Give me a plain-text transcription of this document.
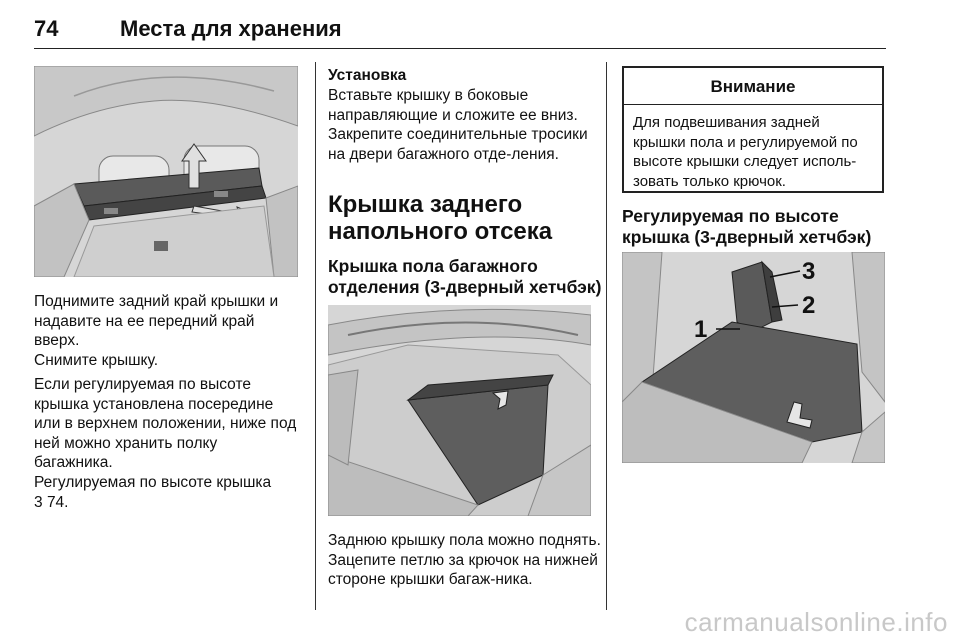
74	Места для хранения

Поднимите задний край крышки и надавите на ее передний край вверх.

Снимите крышку.

Если регулируемая по высоте крышка установлена посередине или в верхнем положении, ниже под ней можно хранить полку багажника.

Регулируемая по высоте крышка
3 74.

Установка

Вставьте крышку в боковые направляющие и сложите ее вниз. Закрепите соединительные тросики на двери багажного отде-ления.

Крышка заднего
напольного отсека
Крышка пола багажного
отделения (3-дверный хетчбэк)

Заднюю крышку пола можно поднять. Зацепите петлю за крючок на нижней стороне крышки багаж-ника.

Внимание
Для подвешивания задней крышки пола и регулируемой по высоте крышки следует исполь-зовать только крючок.
Регулируемая по высоте
крышка (3-дверный хетчбэк)
1
2
3
carmanualsonline.info
